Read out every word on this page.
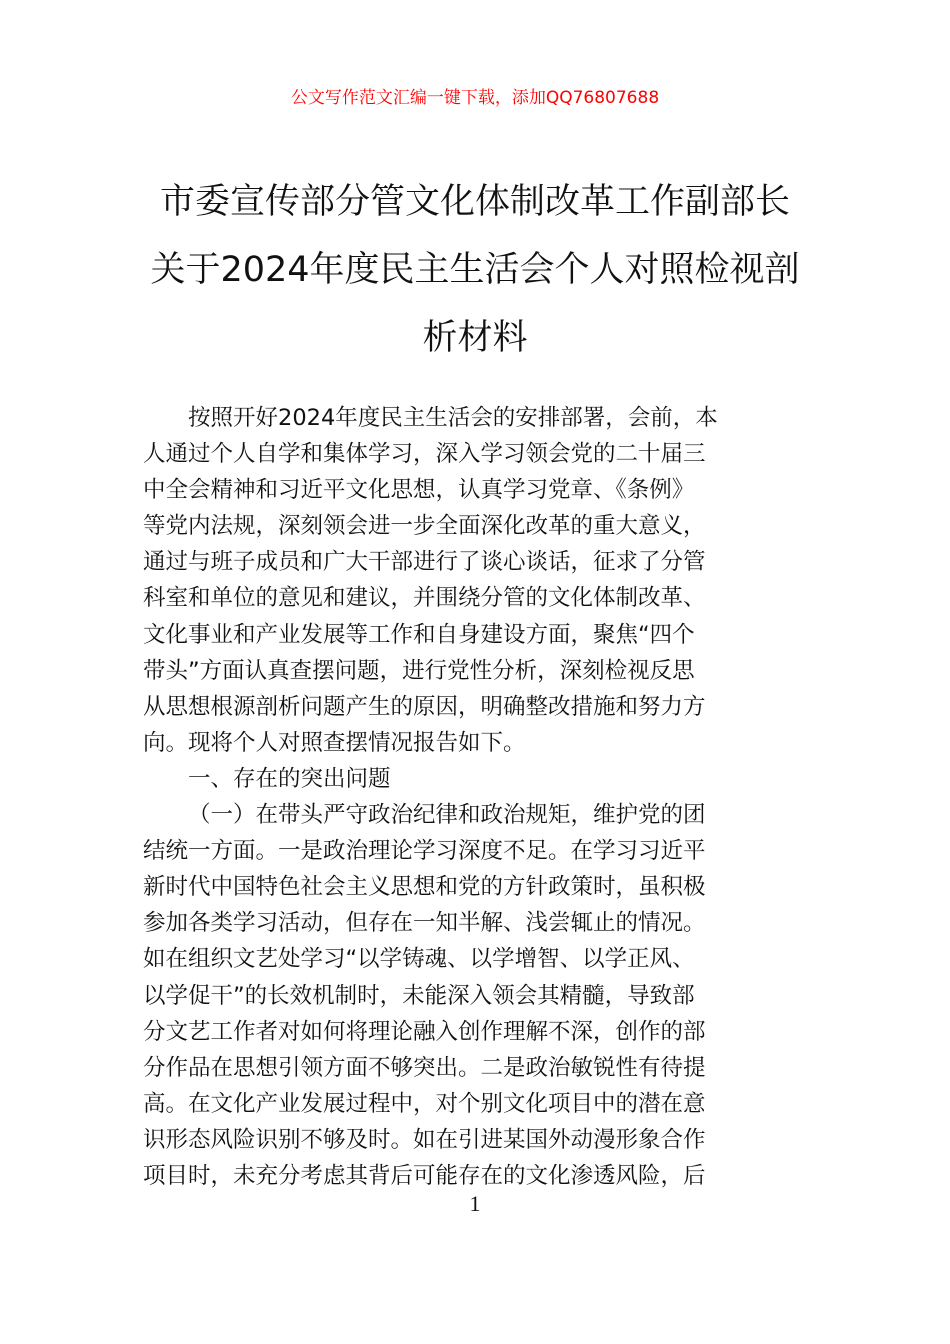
公文写作范文汇编一键下载，添加QQ76807688
市委宣传部分管文化体制改革工作副部长
关于2024年度民主生活会个人对照检视剖
析材料
按照开好2024年度民主生活会的安排部署，会前，本
人通过个人自学和集体学习，深入学习领会党的二十届三
中全会精神和习近平文化思想，认真学习党章、《条例》
等党内法规，深刻领会进一步全面深化改革的重大意义，
通过与班子成员和广大干部进行了谈心谈话，征求了分管
科室和单位的意见和建议，并围绕分管的文化体制改革、
文化事业和产业发展等工作和自身建设方面，聚焦“四个
带头”方面认真查摆问题，进行党性分析，深刻检视反思
从思想根源剖析问题产生的原因，明确整改措施和努力方
向。现将个人对照查摆情况报告如下。
一、存在的突出问题
（一）在带头严守政治纪律和政治规矩，维护党的团
结统一方面。一是政治理论学习深度不足。在学习习近平
新时代中国特色社会主义思想和党的方针政策时，虽积极
参加各类学习活动，但存在一知半解、浅尝辄止的情况。
如在组织文艺处学习“以学铸魂、以学增智、以学正风、
以学促干”的长效机制时，未能深入领会其精髓，导致部
分文艺工作者对如何将理论融入创作理解不深，创作的部
分作品在思想引领方面不够突出。二是政治敏锐性有待提
高。在文化产业发展过程中，对个别文化项目中的潜在意
识形态风险识别不够及时。如在引进某国外动漫形象合作
项目时，未充分考虑其背后可能存在的文化渗透风险，后
1
